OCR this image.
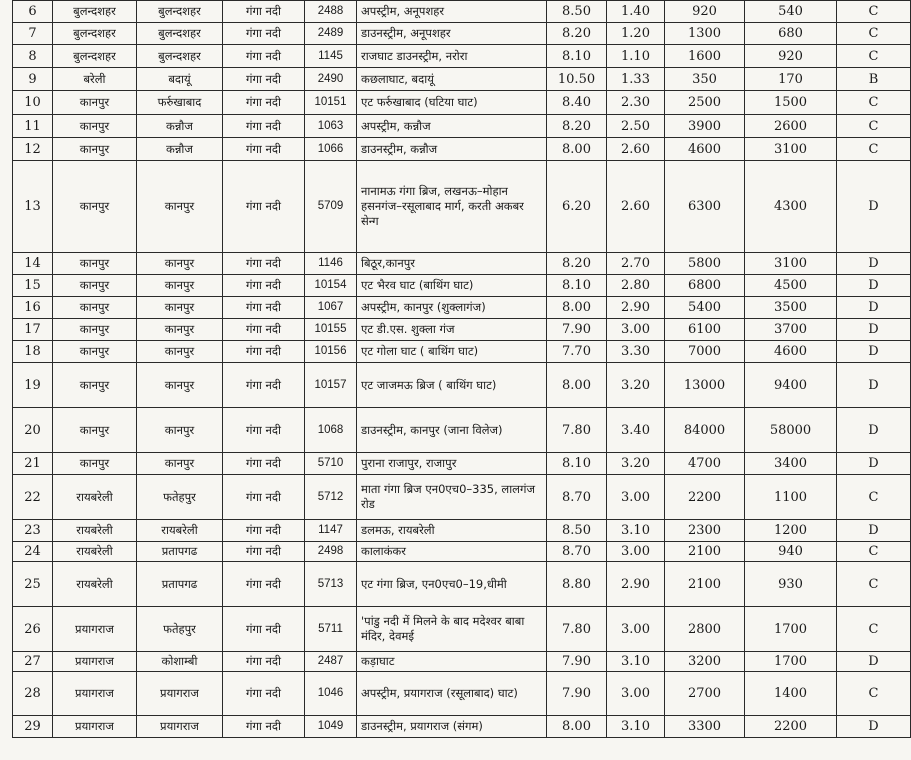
6	बुलन्दशहर	बुलन्दशहर	गंगा नदी	2488	अपस्ट्रीम, अनूपशहर	8.50	1.40	920	540	C
7	बुलन्दशहर	बुलन्दशहर	गंगा नदी	2489	डाउनस्ट्रीम, अनूपशहर	8.20	1.20	1300	680	C
8	बुलन्दशहर	बुलन्दशहर	गंगा नदी	1145	राजघाट डाउनस्ट्रीम, नरोरा	8.10	1.10	1600	920	C
9	बरेली	बदायूं	गंगा नदी	2490	कछलाघाट, बदायूं	10.50	1.33	350	170	B
10	कानपुर	फर्रुखाबाद	गंगा नदी	10151	एट फर्रुखाबाद (घटिया घाट)	8.40	2.30	2500	1500	C
11	कानपुर	कन्नौज	गंगा नदी	1063	अपस्ट्रीम, कन्नौज	8.20	2.50	3900	2600	C
12	कानपुर	कन्नौज	गंगा नदी	1066	डाउनस्ट्रीम, कन्नौज	8.00	2.60	4600	3100	C
13	कानपुर	कानपुर	गंगा नदी	5709	नानामऊ गंगा ब्रिज, लखनऊ–मोहान हसनगंज–रसूलाबाद मार्ग, करती अकबर सेन्ग	6.20	2.60	6300	4300	D
14	कानपुर	कानपुर	गंगा नदी	1146	बिठूर,कानपुर	8.20	2.70	5800	3100	D
15	कानपुर	कानपुर	गंगा नदी	10154	एट भैरव घाट (बाथिंग घाट)	8.10	2.80	6800	4500	D
16	कानपुर	कानपुर	गंगा नदी	1067	अपस्ट्रीम, कानपुर (शुक्लागंज)	8.00	2.90	5400	3500	D
17	कानपुर	कानपुर	गंगा नदी	10155	एट डी.एस. शुक्ला गंज	7.90	3.00	6100	3700	D
18	कानपुर	कानपुर	गंगा नदी	10156	एट गोला घाट ( बाथिंग घाट)	7.70	3.30	7000	4600	D
19	कानपुर	कानपुर	गंगा नदी	10157	एट जाजमऊ ब्रिज ( बाथिंग घाट)	8.00	3.20	13000	9400	D
20	कानपुर	कानपुर	गंगा नदी	1068	डाउनस्ट्रीम, कानपुर (जाना विलेज)	7.80	3.40	84000	58000	D
21	कानपुर	कानपुर	गंगा नदी	5710	पुराना राजापुर, राजापुर	8.10	3.20	4700	3400	D
22	रायबरेली	फतेहपुर	गंगा नदी	5712	माता गंगा ब्रिज एन0एच0–335, लालगंज रोड	8.70	3.00	2200	1100	C
23	रायबरेली	रायबरेली	गंगा नदी	1147	डलमऊ, रायबरेली	8.50	3.10	2300	1200	D
24	रायबरेली	प्रतापगढ	गंगा नदी	2498	कालाकंकर	8.70	3.00	2100	940	C
25	रायबरेली	प्रतापगढ	गंगा नदी	5713	एट गंगा ब्रिज, एन0एच0–19,धीमी	8.80	2.90	2100	930	C
26	प्रयागराज	फतेहपुर	गंगा नदी	5711	'पांडु नदी में मिलने के बाद मदेश्वर बाबा मंदिर, देवमई	7.80	3.00	2800	1700	C
27	प्रयागराज	कोशाम्बी	गंगा नदी	2487	कड़ाघाट	7.90	3.10	3200	1700	D
28	प्रयागराज	प्रयागराज	गंगा नदी	1046	अपस्ट्रीम, प्रयागराज (रसूलाबाद) घाट)	7.90	3.00	2700	1400	C
29	प्रयागराज	प्रयागराज	गंगा नदी	1049	डाउनस्ट्रीम, प्रयागराज (संगम)	8.00	3.10	3300	2200	D
